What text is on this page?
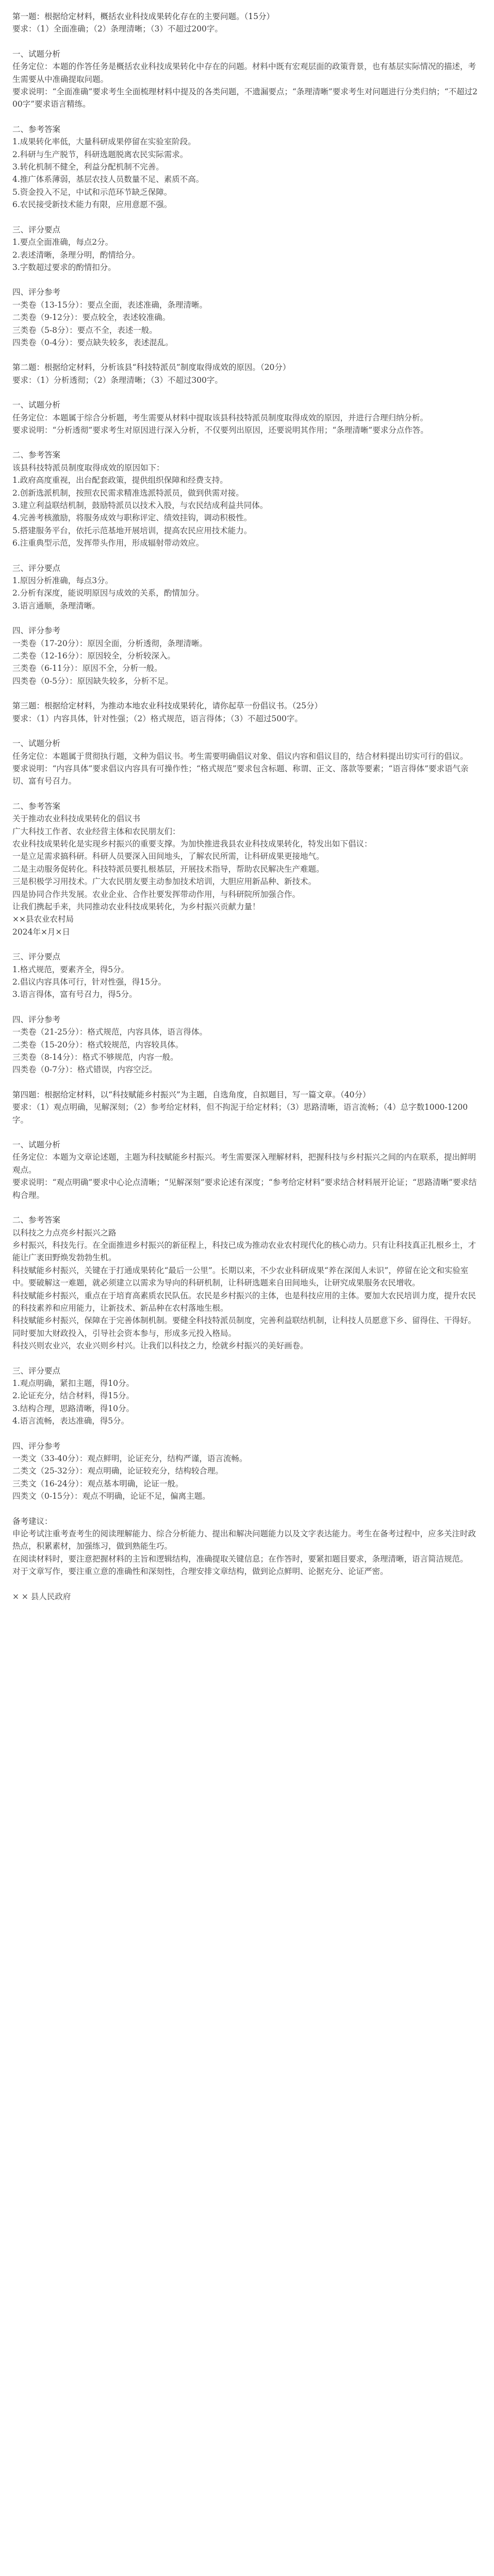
第一题：根据给定材料，概括农业科技成果转化存在的主要问题。（15分）

要求：（1）全面准确；（2）条理清晰；（3）不超过200字。

一、试题分析

任务定位：本题的作答任务是概括农业科技成果转化中存在的问题。材料中既有宏观层面的政策背景，也有基层实际情况的描述，考生需要从中准确提取问题。

要求说明：“全面准确”要求考生全面梳理材料中提及的各类问题，不遗漏要点；“条理清晰”要求考生对问题进行分类归纳；“不超过200字”要求语言精练。

二、参考答案

1.成果转化率低，大量科研成果停留在实验室阶段。

2.科研与生产脱节，科研选题脱离农民实际需求。

3.转化机制不健全，利益分配机制不完善。

4.推广体系薄弱，基层农技人员数量不足、素质不高。

5.资金投入不足，中试和示范环节缺乏保障。

6.农民接受新技术能力有限，应用意愿不强。

三、评分要点

1.要点全面准确，每点2分。

2.表述清晰，条理分明，酌情给分。

3.字数超过要求的酌情扣分。

四、评分参考

一类卷（13-15分）：要点全面，表述准确，条理清晰。

二类卷（9-12分）：要点较全，表述较准确。

三类卷（5-8分）：要点不全，表述一般。

四类卷（0-4分）：要点缺失较多，表述混乱。

第二题：根据给定材料，分析该县“科技特派员”制度取得成效的原因。（20分）

要求：（1）分析透彻；（2）条理清晰；（3）不超过300字。

一、试题分析

任务定位：本题属于综合分析题，考生需要从材料中提取该县科技特派员制度取得成效的原因，并进行合理归纳分析。

要求说明：“分析透彻”要求考生对原因进行深入分析，不仅要列出原因，还要说明其作用；“条理清晰”要求分点作答。

二、参考答案

该县科技特派员制度取得成效的原因如下：

1.政府高度重视，出台配套政策，提供组织保障和经费支持。

2.创新选派机制，按照农民需求精准选派特派员，做到供需对接。

3.建立利益联结机制，鼓励特派员以技术入股，与农民结成利益共同体。

4.完善考核激励，将服务成效与职称评定、绩效挂钩，调动积极性。

5.搭建服务平台，依托示范基地开展培训，提高农民应用技术能力。

6.注重典型示范，发挥带头作用，形成辐射带动效应。

三、评分要点

1.原因分析准确，每点3分。

2.分析有深度，能说明原因与成效的关系，酌情加分。

3.语言通顺，条理清晰。

四、评分参考

一类卷（17-20分）：原因全面，分析透彻，条理清晰。

二类卷（12-16分）：原因较全，分析较深入。

三类卷（6-11分）：原因不全，分析一般。

四类卷（0-5分）：原因缺失较多，分析不足。

第三题：根据给定材料，为推动本地农业科技成果转化，请你起草一份倡议书。（25分）

要求：（1）内容具体，针对性强；（2）格式规范，语言得体；（3）不超过500字。

一、试题分析

任务定位：本题属于贯彻执行题，文种为倡议书。考生需要明确倡议对象、倡议内容和倡议目的，结合材料提出切实可行的倡议。

要求说明：“内容具体”要求倡议内容具有可操作性；“格式规范”要求包含标题、称谓、正文、落款等要素；“语言得体”要求语气亲切、富有号召力。

二、参考答案

关于推动农业科技成果转化的倡议书

广大科技工作者、农业经营主体和农民朋友们：

农业科技成果转化是实现乡村振兴的重要支撑。为加快推进我县农业科技成果转化，特发出如下倡议：

一是立足需求搞科研。科研人员要深入田间地头，了解农民所需，让科研成果更接地气。

二是主动服务促转化。科技特派员要扎根基层，开展技术指导，帮助农民解决生产难题。

三是积极学习用技术。广大农民朋友要主动参加技术培训，大胆应用新品种、新技术。

四是协同合作共发展。农业企业、合作社要发挥带动作用，与科研院所加强合作。

让我们携起手来，共同推动农业科技成果转化，为乡村振兴贡献力量！

××县农业农村局

2024年×月×日

三、评分要点

1.格式规范，要素齐全，得5分。

2.倡议内容具体可行，针对性强，得15分。

3.语言得体，富有号召力，得5分。

四、评分参考

一类卷（21-25分）：格式规范，内容具体，语言得体。

二类卷（15-20分）：格式较规范，内容较具体。

三类卷（8-14分）：格式不够规范，内容一般。

四类卷（0-7分）：格式错误，内容空泛。

第四题：根据给定材料，以“科技赋能乡村振兴”为主题，自选角度，自拟题目，写一篇文章。（40分）

要求：（1）观点明确，见解深刻；（2）参考给定材料，但不拘泥于给定材料；（3）思路清晰，语言流畅；（4）总字数1000-1200字。

一、试题分析

任务定位：本题为文章论述题，主题为科技赋能乡村振兴。考生需要深入理解材料，把握科技与乡村振兴之间的内在联系，提出鲜明观点。

要求说明：“观点明确”要求中心论点清晰；“见解深刻”要求论述有深度；“参考给定材料”要求结合材料展开论证；“思路清晰”要求结构合理。

二、参考答案

以科技之力点亮乡村振兴之路

乡村振兴，科技先行。在全面推进乡村振兴的新征程上，科技已成为推动农业农村现代化的核心动力。只有让科技真正扎根乡土，才能让广袤田野焕发勃勃生机。

科技赋能乡村振兴，关键在于打通成果转化“最后一公里”。长期以来，不少农业科研成果“养在深闺人未识”，停留在论文和实验室中。要破解这一难题，就必须建立以需求为导向的科研机制，让科研选题来自田间地头，让研究成果服务农民增收。

科技赋能乡村振兴，重点在于培育高素质农民队伍。农民是乡村振兴的主体，也是科技应用的主体。要加大农民培训力度，提升农民的科技素养和应用能力，让新技术、新品种在农村落地生根。

科技赋能乡村振兴，保障在于完善体制机制。要健全科技特派员制度，完善利益联结机制，让科技人员愿意下乡、留得住、干得好。同时要加大财政投入，引导社会资本参与，形成多元投入格局。

科技兴则农业兴，农业兴则乡村兴。让我们以科技之力，绘就乡村振兴的美好画卷。

三、评分要点

1.观点明确，紧扣主题，得10分。

2.论证充分，结合材料，得15分。

3.结构合理，思路清晰，得10分。

4.语言流畅，表达准确，得5分。

四、评分参考

一类文（33-40分）：观点鲜明，论证充分，结构严谨，语言流畅。

二类文（25-32分）：观点明确，论证较充分，结构较合理。

三类文（16-24分）：观点基本明确，论证一般。

四类文（0-15分）：观点不明确，论证不足，偏离主题。

备考建议：

申论考试注重考查考生的阅读理解能力、综合分析能力、提出和解决问题能力以及文字表达能力。考生在备考过程中，应多关注时政热点，积累素材，加强练习，做到熟能生巧。

在阅读材料时，要注意把握材料的主旨和逻辑结构，准确提取关键信息；在作答时，要紧扣题目要求，条理清晰，语言简洁规范。

对于文章写作，要注重立意的准确性和深刻性，合理安排文章结构，做到论点鲜明、论据充分、论证严密。

× × 县人民政府
